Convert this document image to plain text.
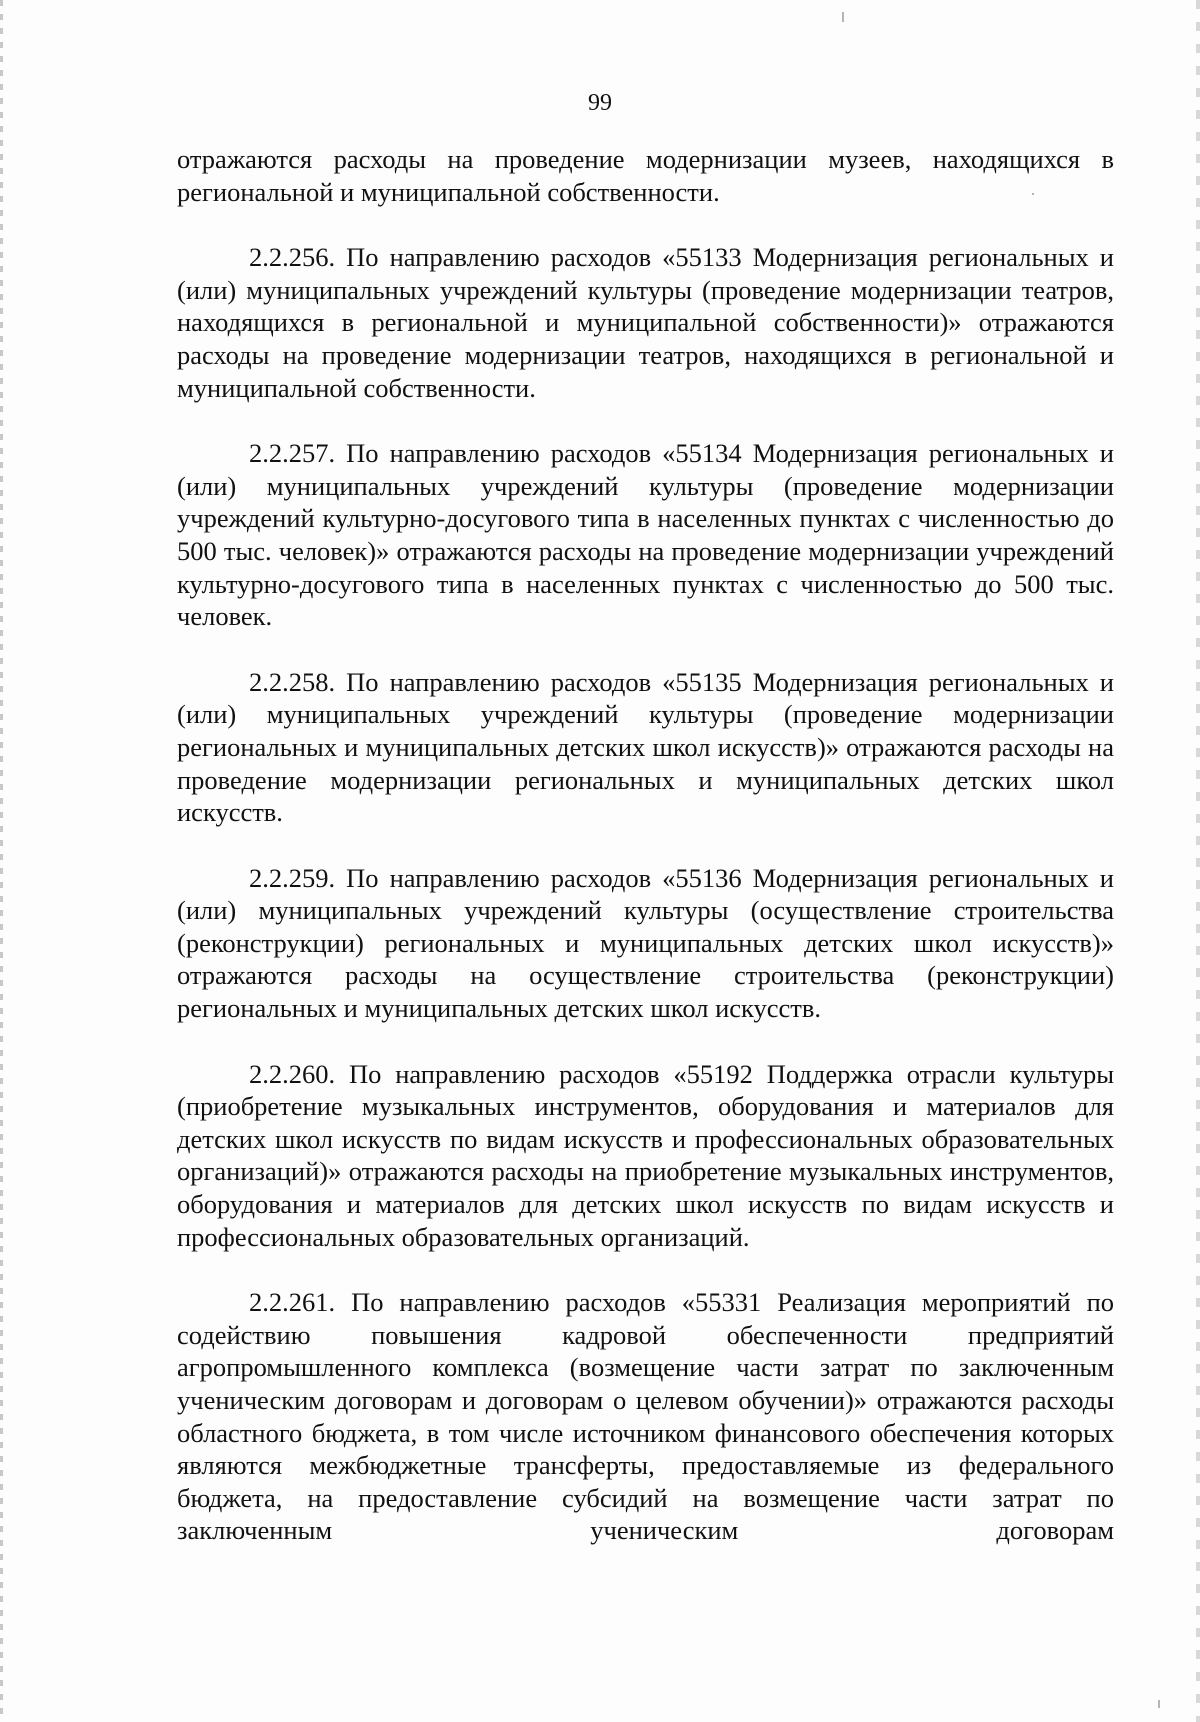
99

отражаются расходы на проведение модернизации музеев, находящихся в региональной и муниципальной собственности.

2.2.256. По направлению расходов «55133 Модернизация региональных и (или) муниципальных учреждений культуры (проведение модернизации театров, находящихся в региональной и муниципальной собственности)» отражаются расходы на проведение модернизации театров, находящихся в региональной и муниципальной собственности.

2.2.257. По направлению расходов «55134 Модернизация региональных и (или) муниципальных учреждений культуры (проведение модернизации учреждений культурно-досугового типа в населенных пунктах с численностью до 500 тыс. человек)» отражаются расходы на проведение модернизации учреждений культурно-досугового типа в населенных пунктах с численностью до 500 тыс. человек.

2.2.258. По направлению расходов «55135 Модернизация региональных и (или) муниципальных учреждений культуры (проведение модернизации региональных и муниципальных детских школ искусств)» отражаются расходы на проведение модернизации региональных и муниципальных детских школ искусств.

2.2.259. По направлению расходов «55136 Модернизация региональных и (или) муниципальных учреждений культуры (осуществление строительства (реконструкции) региональных и муниципальных детских школ искусств)» отражаются расходы на осуществление строительства (реконструкции) региональных и муниципальных детских школ искусств.

2.2.260. По направлению расходов «55192 Поддержка отрасли культуры (приобретение музыкальных инструментов, оборудования и материалов для детских школ искусств по видам искусств и профессиональных образовательных организаций)» отражаются расходы на приобретение музыкальных инструментов, оборудования и материалов для детских школ искусств по видам искусств и профессиональных образовательных организаций.

2.2.261. По направлению расходов «55331 Реализация мероприятий по содействию повышения кадровой обеспеченности предприятий агропромышленного комплекса (возмещение части затрат по заключенным ученическим договорам и договорам о целевом обучении)» отражаются расходы областного бюджета, в том числе источником финансового обеспечения которых являются межбюджетные трансферты, предоставляемые из федерального бюджета, на предоставление субсидий на возмещение части затрат по заключенным ученическим договорам
